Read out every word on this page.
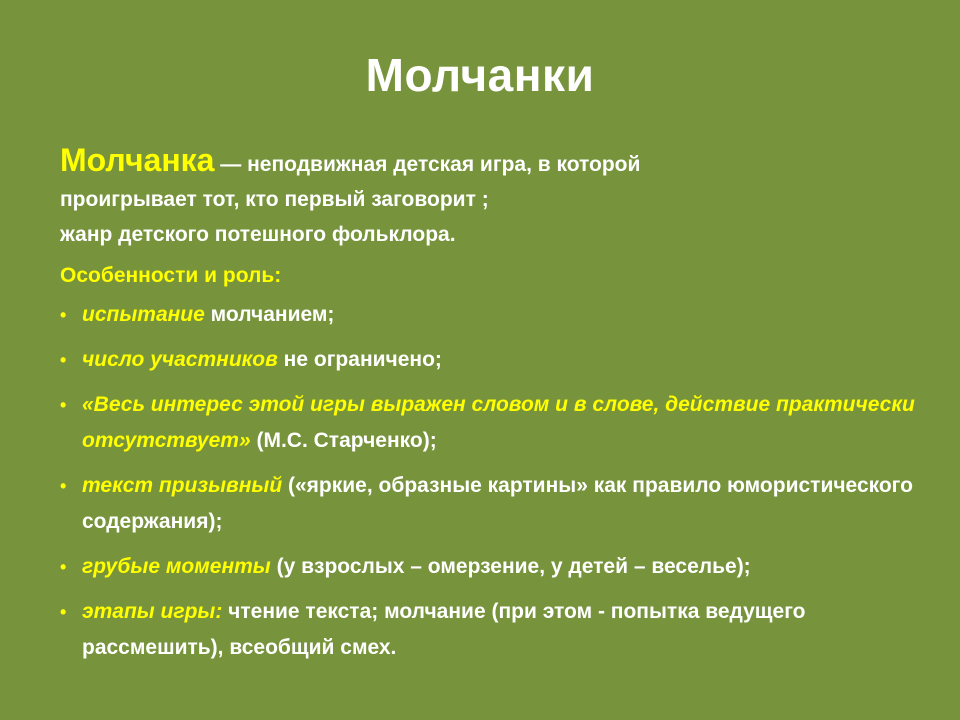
Молчанки
Молчанка — неподвижная детская игра, в которой
проигрывает тот, кто первый заговорит ;
жанр детского потешного фольклора.
Особенности и роль:
• испытание молчанием;
• число участников не ограничено;
• «Весь интерес этой игры выражен словом и в слове, действие практически отсутствует» (М.С. Старченко);
• текст призывный («яркие, образные картины» как правило юмористического содержания);
• грубые моменты (у взрослых – омерзение, у детей – веселье);
• этапы игры: чтение текста; молчание (при этом - попытка ведущего рассмешить), всеобщий смех.
